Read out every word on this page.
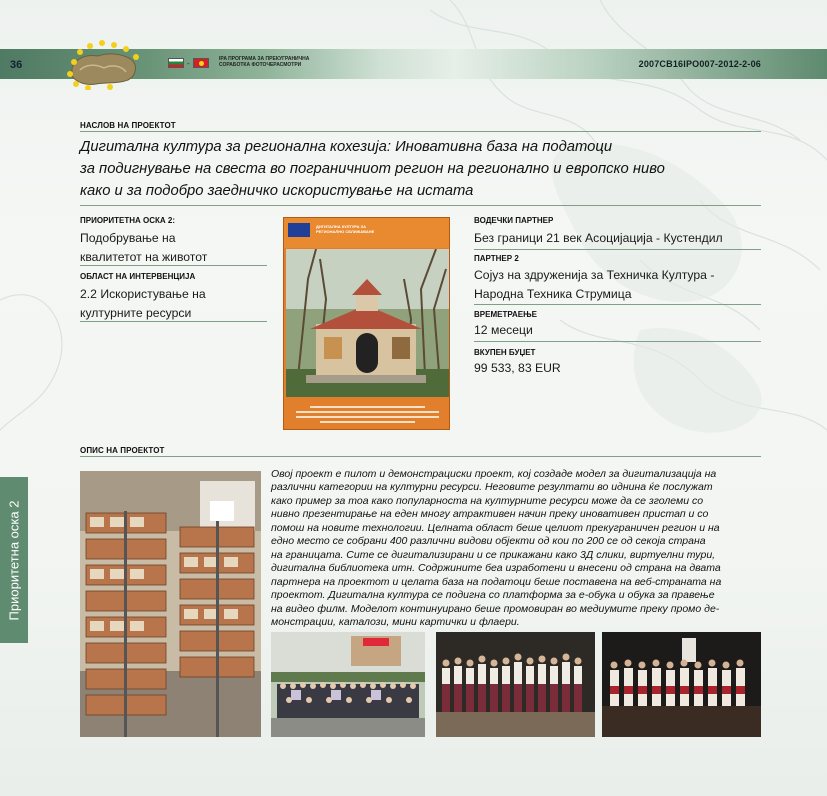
36	-	IPA ПРОГРАМА ЗА ПРЕКУГРАНИЧНА
СОРАБОТКА ФОТОЧЕРАСМОТРИ	2007CB16IPO007-2012-2-06
Приоритетна оска 2
НАСЛОВ НА ПРОЕКТОТ
Дигитална култура за регионална кохезија: Иновативна база на податоци
за подигнување на свеста во пограничниот регион на регионално и европско ниво
како и за подобро заедничко искористување на истата
ПРИОРИТЕТНА ОСКА 2:
Подобрување на
квалитетот на животот
ОБЛАСТ НА ИНТЕРВЕНЦИЈА
2.2 Искористување на
културните ресурси
ДИГИТАЛНА КУЛТУРА ЗА
РЕГИОНАЛНО СБЛИЖАВАНЕ
ВОДЕЧКИ ПАРТНЕР
Без граници 21 век Асоцијација - Кустендил
ПАРТНЕР 2
Сојуз на здруженија за Техничка Култура -
Народна Техника Струмица
ВРЕМЕТРАЕЊЕ
12 месеци
ВКУПЕН БУЏЕТ
99 533, 83 EUR
ОПИС НА ПРОЕКТОТ
Овој проект е пилот и демонстрациски проект, кој создаде модел за дигитализација на
различни категории на културни ресурси. Неговите резултати во иднина ќе послужат
како пример за тоа како популарноста на културните ресурси може да се зголеми со
нивно презентирање на еден многу атрактивен начин преку иновативен пристап и со
помош на новите технологии. Целната област беше целиот прекуграничен регион и на
едно место се собрани 400 различни видови објекти од кои по 200 се од секоја страна
на границата. Сите се дигитализирани и се прикажани како 3Д слики, виртуелни тури,
дигитална библиотека итн. Содржините беа изработени и внесени од страна на двата
партнера на проектот и целата база на податоци беше поставена на веб-страната на
проектот. Дигитална култура се подигна со платформа за е-обука и обука за правење
на видео филм. Моделот континуирано беше промовиран во медиумите преку промо де-
монстрации, каталози, мини картички и флаери.
